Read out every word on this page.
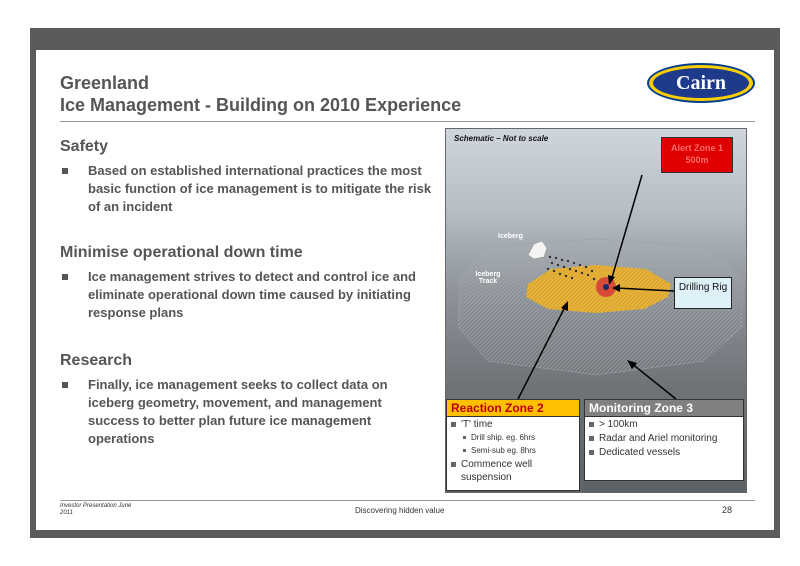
Greenland
Ice Management - Building on 2010 Experience
Cairn
Safety
Based on established international practices the most basic function of ice management is to mitigate the risk of an incident
Minimise operational down time
Ice management strives to detect and control ice and eliminate operational down time caused by initiating response plans
Research
Finally, ice management seeks to collect data on iceberg geometry, movement, and management success to better plan future ice management operations
Schematic – Not to scale
Alert Zone 1 500m
Drilling Rig
Iceberg
Iceberg Track
Reaction Zone 2
'T' time
Drill ship. eg. 6hrs
Semi-sub eg. 8hrs
Commence well suspension
Monitoring Zone 3
> 100km
Radar and Ariel monitoring
Dedicated vessels
Investor Presentation June 2011	Discovering hidden value	28
